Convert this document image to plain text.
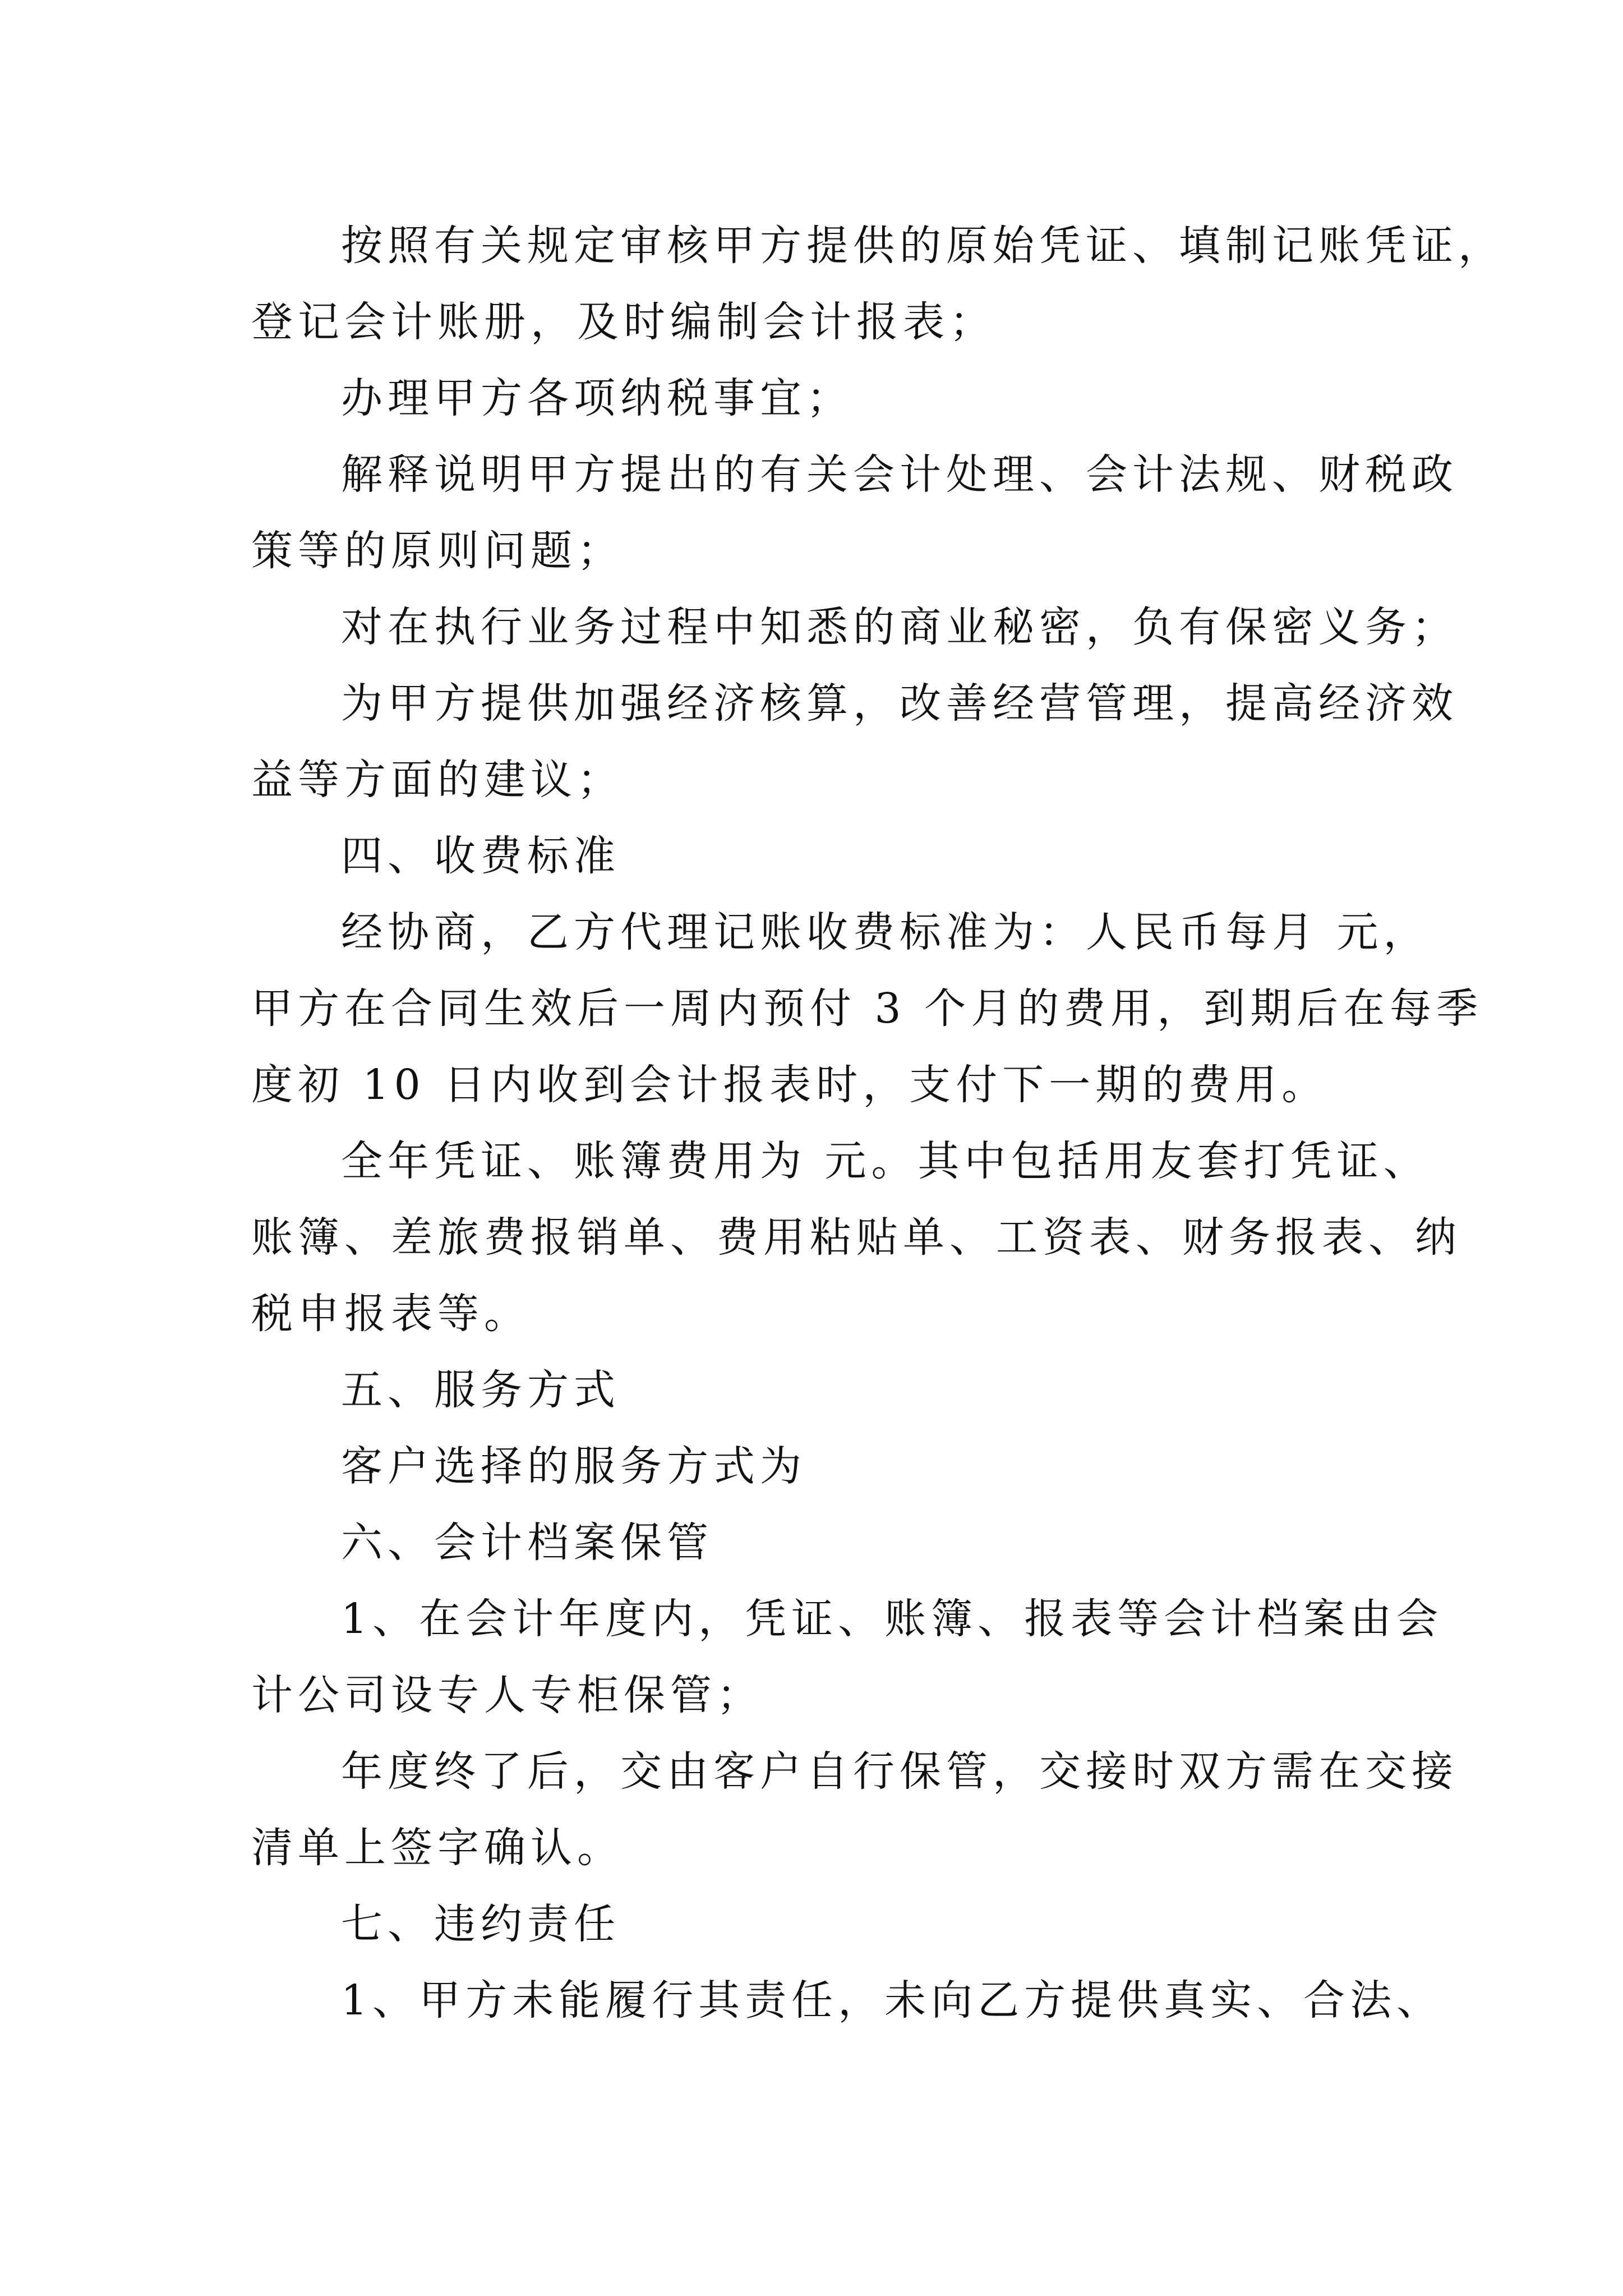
按照有关规定审核甲方提供的原始凭证、填制记账凭证，
登记会计账册，及时编制会计报表；
办理甲方各项纳税事宜；
解释说明甲方提出的有关会计处理、会计法规、财税政
策等的原则问题；
对在执行业务过程中知悉的商业秘密，负有保密义务；
为甲方提供加强经济核算，改善经营管理，提高经济效
益等方面的建议；
四、收费标准
经协商，乙方代理记账收费标准为：人民币每月 元，
甲方在合同生效后一周内预付 3 个月的费用，到期后在每季
度初 10 日内收到会计报表时，支付下一期的费用。
全年凭证、账簿费用为 元。其中包括用友套打凭证、
账簿、差旅费报销单、费用粘贴单、工资表、财务报表、纳
税申报表等。
五、服务方式
客户选择的服务方式为
六、会计档案保管
1、在会计年度内，凭证、账簿、报表等会计档案由会
计公司设专人专柜保管；
年度终了后，交由客户自行保管，交接时双方需在交接
清单上签字确认。
七、违约责任
1、甲方未能履行其责任，未向乙方提供真实、合法、
